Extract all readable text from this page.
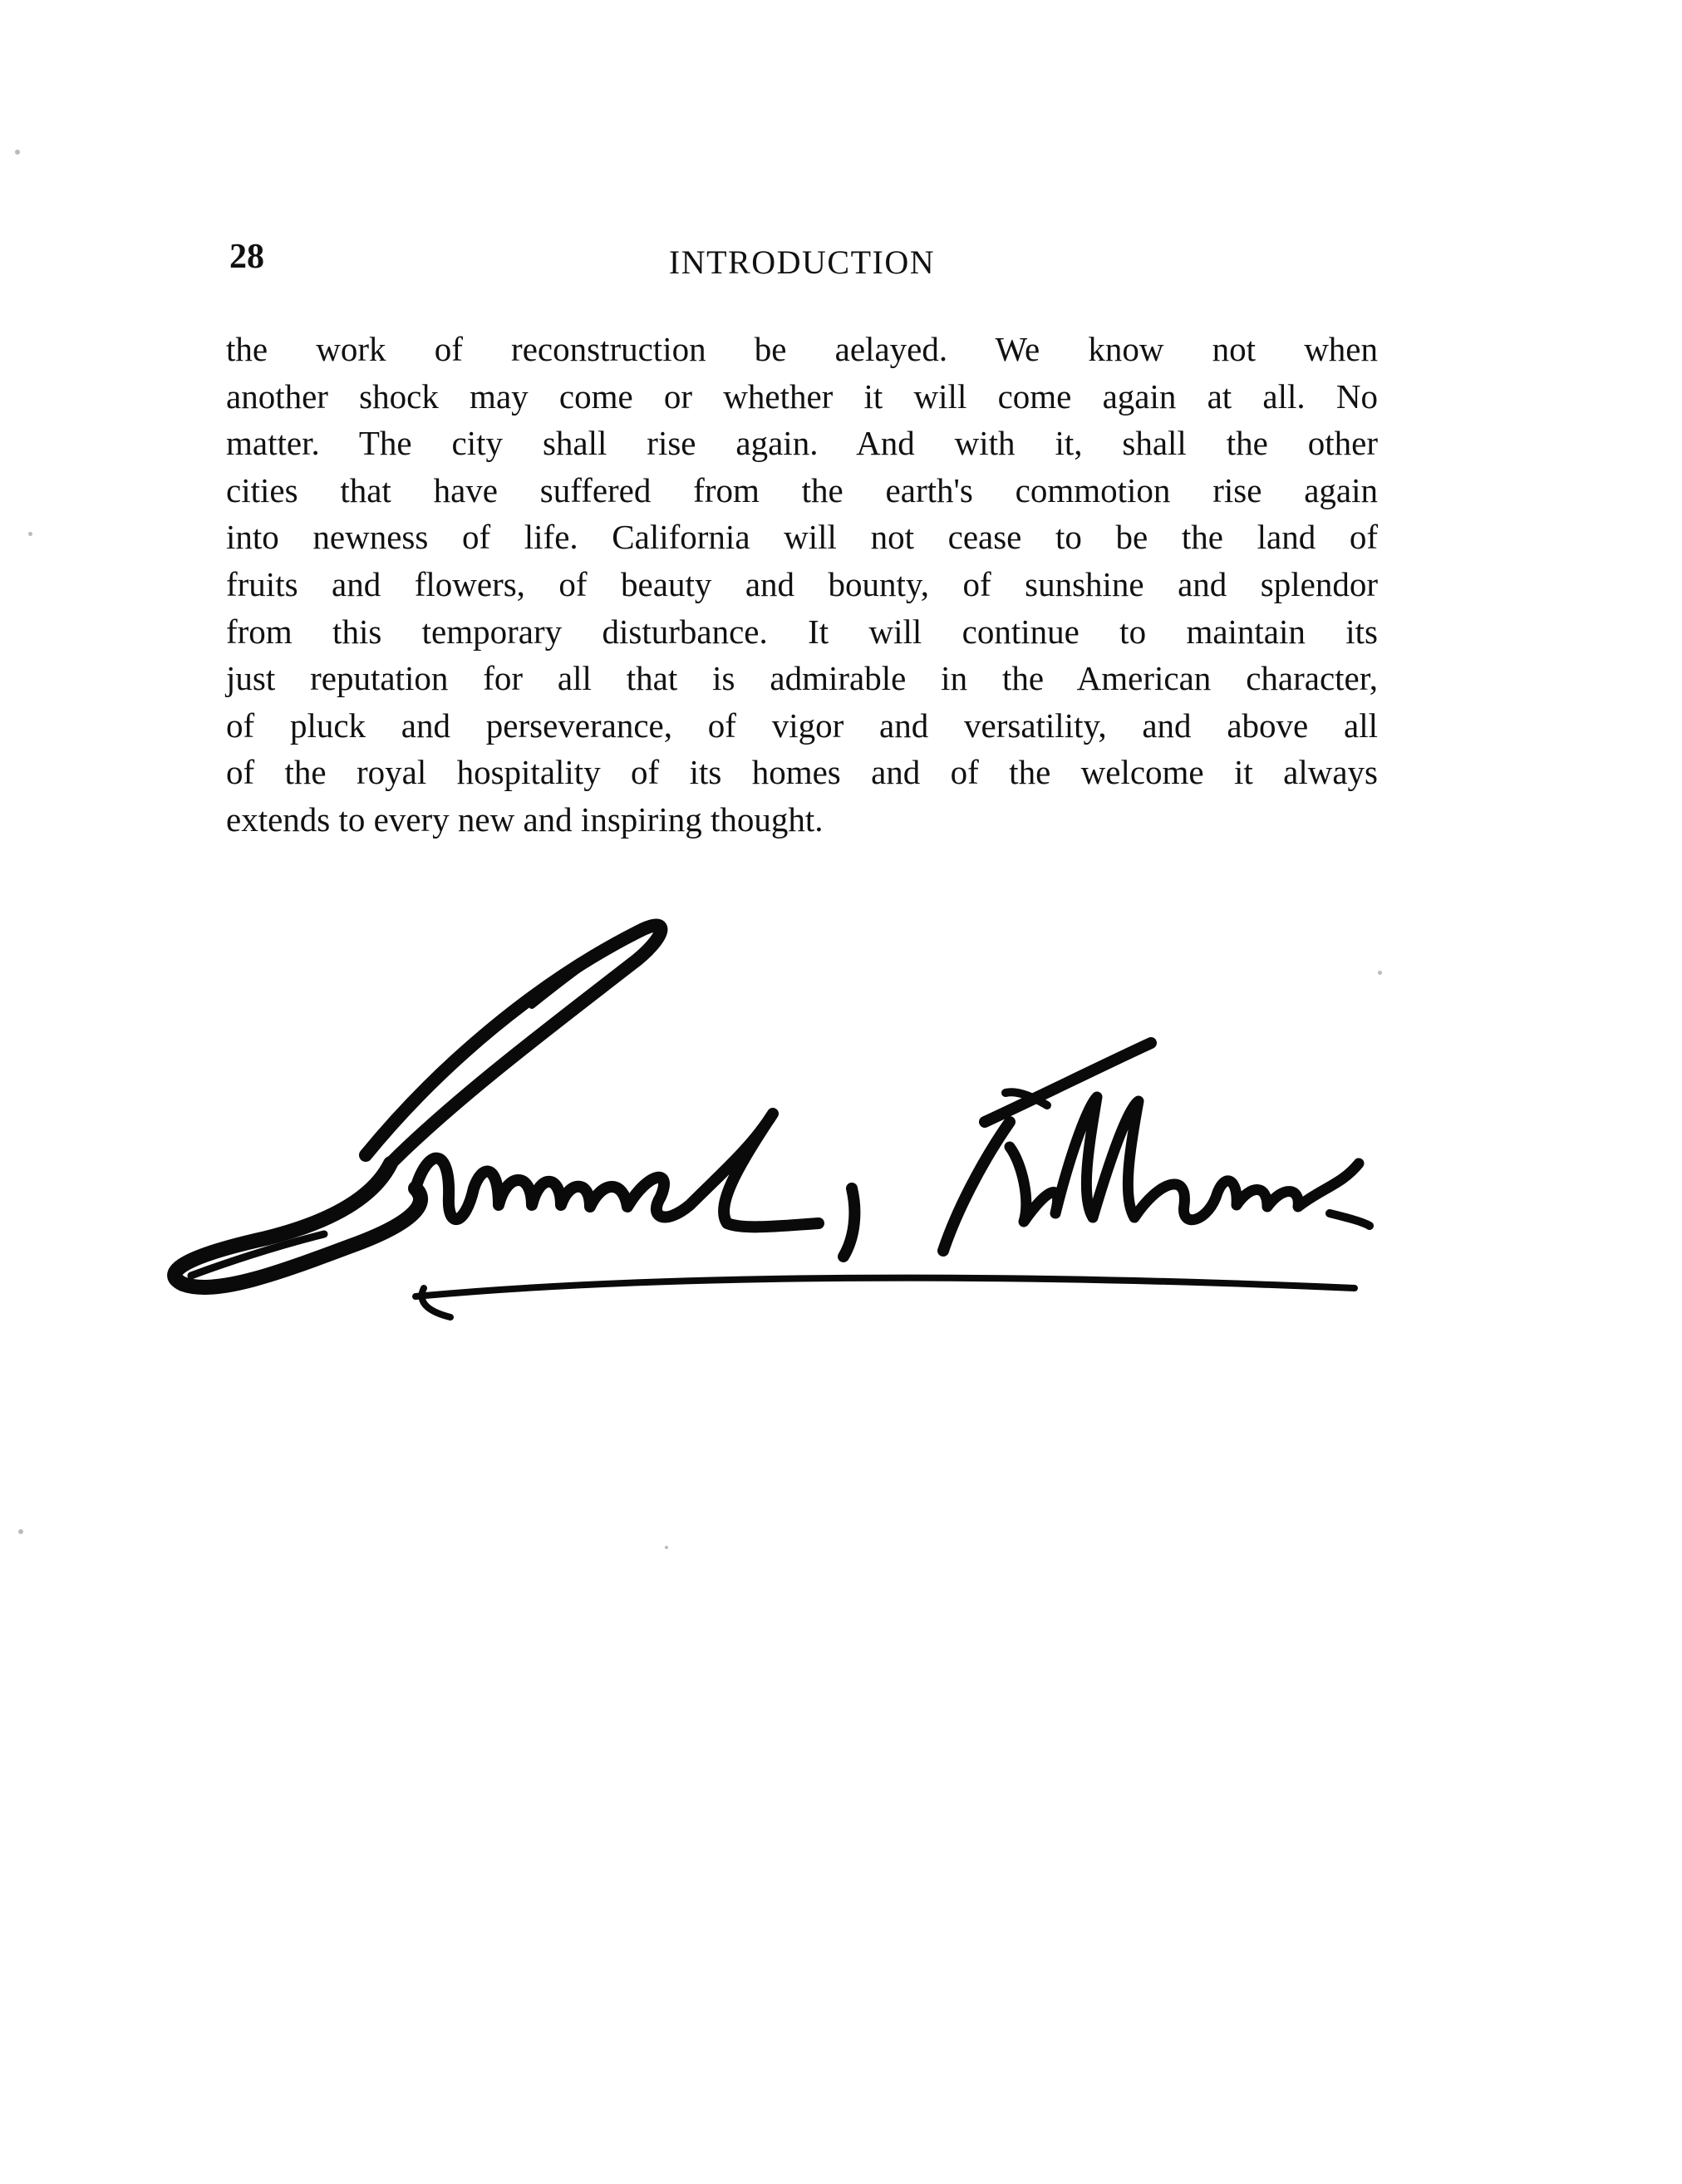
28	INTRODUCTION
the work of reconstruction be aelayed. We know not when
another shock may come or whether it will come again at all. No
matter. The city shall rise again. And with it, shall the other
cities that have suffered from the earth's commotion rise again
into newness of life. California will not cease to be the land of
fruits and flowers, of beauty and bounty, of sunshine and splendor
from this temporary disturbance. It will continue to maintain its
just reputation for all that is admirable in the American character,
of pluck and perseverance, of vigor and versatility, and above all
of the royal hospitality of its homes and of the welcome it always
extends to every new and inspiring thought.
